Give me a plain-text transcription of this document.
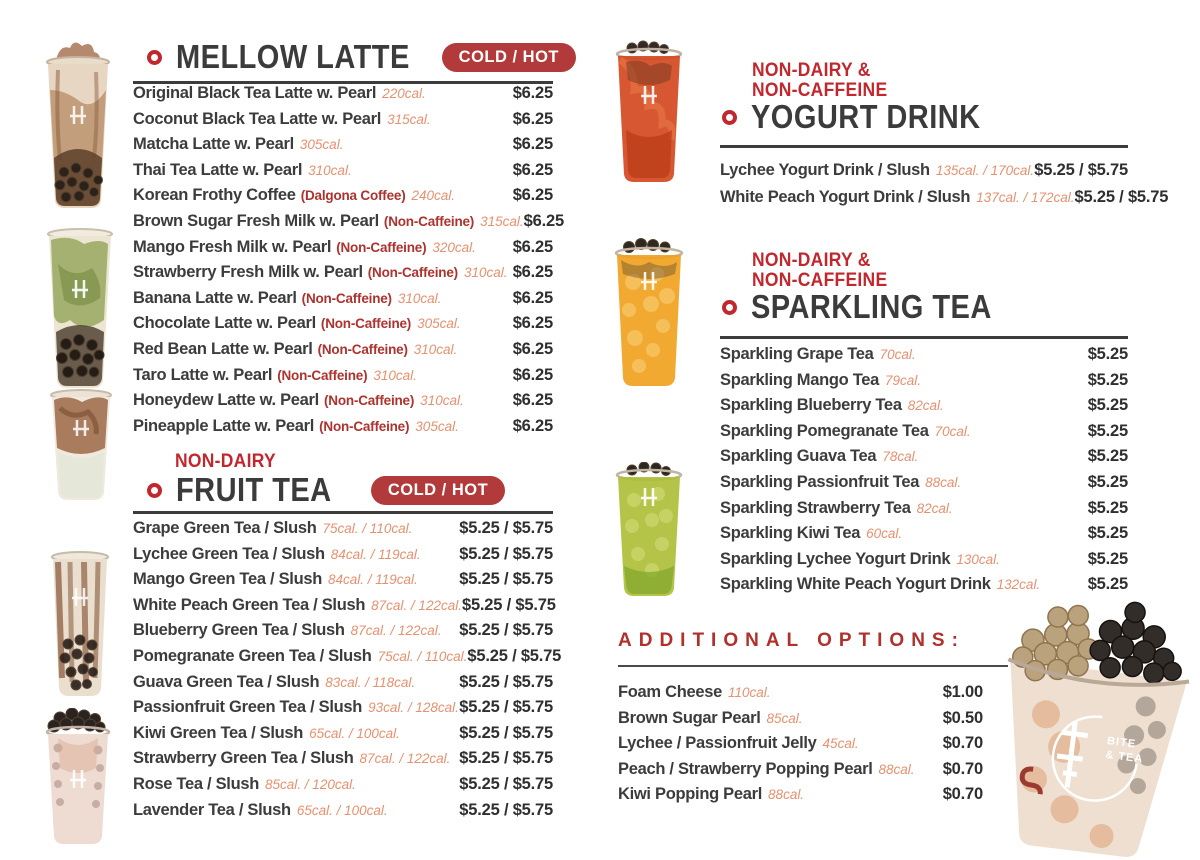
MELLOW LATTE	COLD / HOT
Original Black Tea Latte w. Pearl 220cal.	$6.25
Coconut Black Tea Latte w. Pearl 315cal.	$6.25
Matcha Latte w. Pearl 305cal.	$6.25
Thai Tea Latte w. Pearl 310cal.	$6.25
Korean Frothy Coffee (Dalgona Coffee) 240cal.	$6.25
Brown Sugar Fresh Milk w. Pearl (Non-Caffeine) 315cal. $6.25
Mango Fresh Milk w. Pearl (Non-Caffeine) 320cal. $6.25
Strawberry Fresh Milk w. Pearl (Non-Caffeine) 310cal. $6.25
Banana Latte w. Pearl (Non-Caffeine) 310cal.	$6.25
Chocolate Latte w. Pearl (Non-Caffeine) 305cal.	$6.25
Red Bean Latte w. Pearl (Non-Caffeine) 310cal.	$6.25
Taro Latte w. Pearl (Non-Caffeine) 310cal.	$6.25
Honeydew Latte w. Pearl (Non-Caffeine) 310cal.	$6.25
Pineapple Latte w. Pearl (Non-Caffeine) 305cal.	$6.25
NON-DAIRY
FRUIT TEA	COLD / HOT
Grape Green Tea / Slush 75cal. / 110cal.	$5.25 / $5.75
Lychee Green Tea / Slush 84cal. / 119cal. $5.25 / $5.75
Mango Green Tea / Slush 84cal. / 119cal.	$5.25 / $5.75
White Peach Green Tea / Slush 87cal. / 122cal. $5.25 / $5.75
Blueberry Green Tea / Slush 87cal. / 122cal. $5.25 / $5.75
Pomegranate Green Tea / Slush 75cal. / 110cal. $5.25 / $5.75
Guava Green Tea / Slush 83cal. / 118cal.	$5.25 / $5.75
Passionfruit Green Tea / Slush 93cal. / 128cal. $5.25 / $5.75
Kiwi Green Tea / Slush 65cal. / 100cal.	$5.25 / $5.75
Strawberry Green Tea / Slush 87cal. / 122cal. $5.25 / $5.75
Rose Tea / Slush 85cal. / 120cal.	$5.25 / $5.75
Lavender Tea / Slush 65cal. / 100cal.	$5.25 / $5.75
NON-DAIRY &
NON-CAFFEINE
YOGURT DRINK
Lychee Yogurt Drink / Slush 135cal. / 170cal. $5.25 / $5.75
White Peach Yogurt Drink / Slush 137cal. / 172cal. $5.25 / $5.75
NON-DAIRY &
NON-CAFFEINE
SPARKLING TEA
Sparkling Grape Tea 70cal.	$5.25
Sparkling Mango Tea 79cal.	$5.25
Sparkling Blueberry Tea 82cal.	$5.25
Sparkling Pomegranate Tea 70cal.	$5.25
Sparkling Guava Tea 78cal.	$5.25
Sparkling Passionfruit Tea 88cal.	$5.25
Sparkling Strawberry Tea 82cal.	$5.25
Sparkling Kiwi Tea 60cal.	$5.25
Sparkling Lychee Yogurt Drink 130cal.	$5.25
Sparkling White Peach Yogurt Drink 132cal.	$5.25
ADDITIONAL OPTIONS:
Foam Cheese 110cal.	$1.00
Brown Sugar Pearl 85cal.	$0.50
Lychee / Passionfruit Jelly 45cal.	$0.70
Peach / Strawberry Popping Pearl 88cal. $0.70
Kiwi Popping Pearl 88cal.	$0.70
BITE
& TEA
